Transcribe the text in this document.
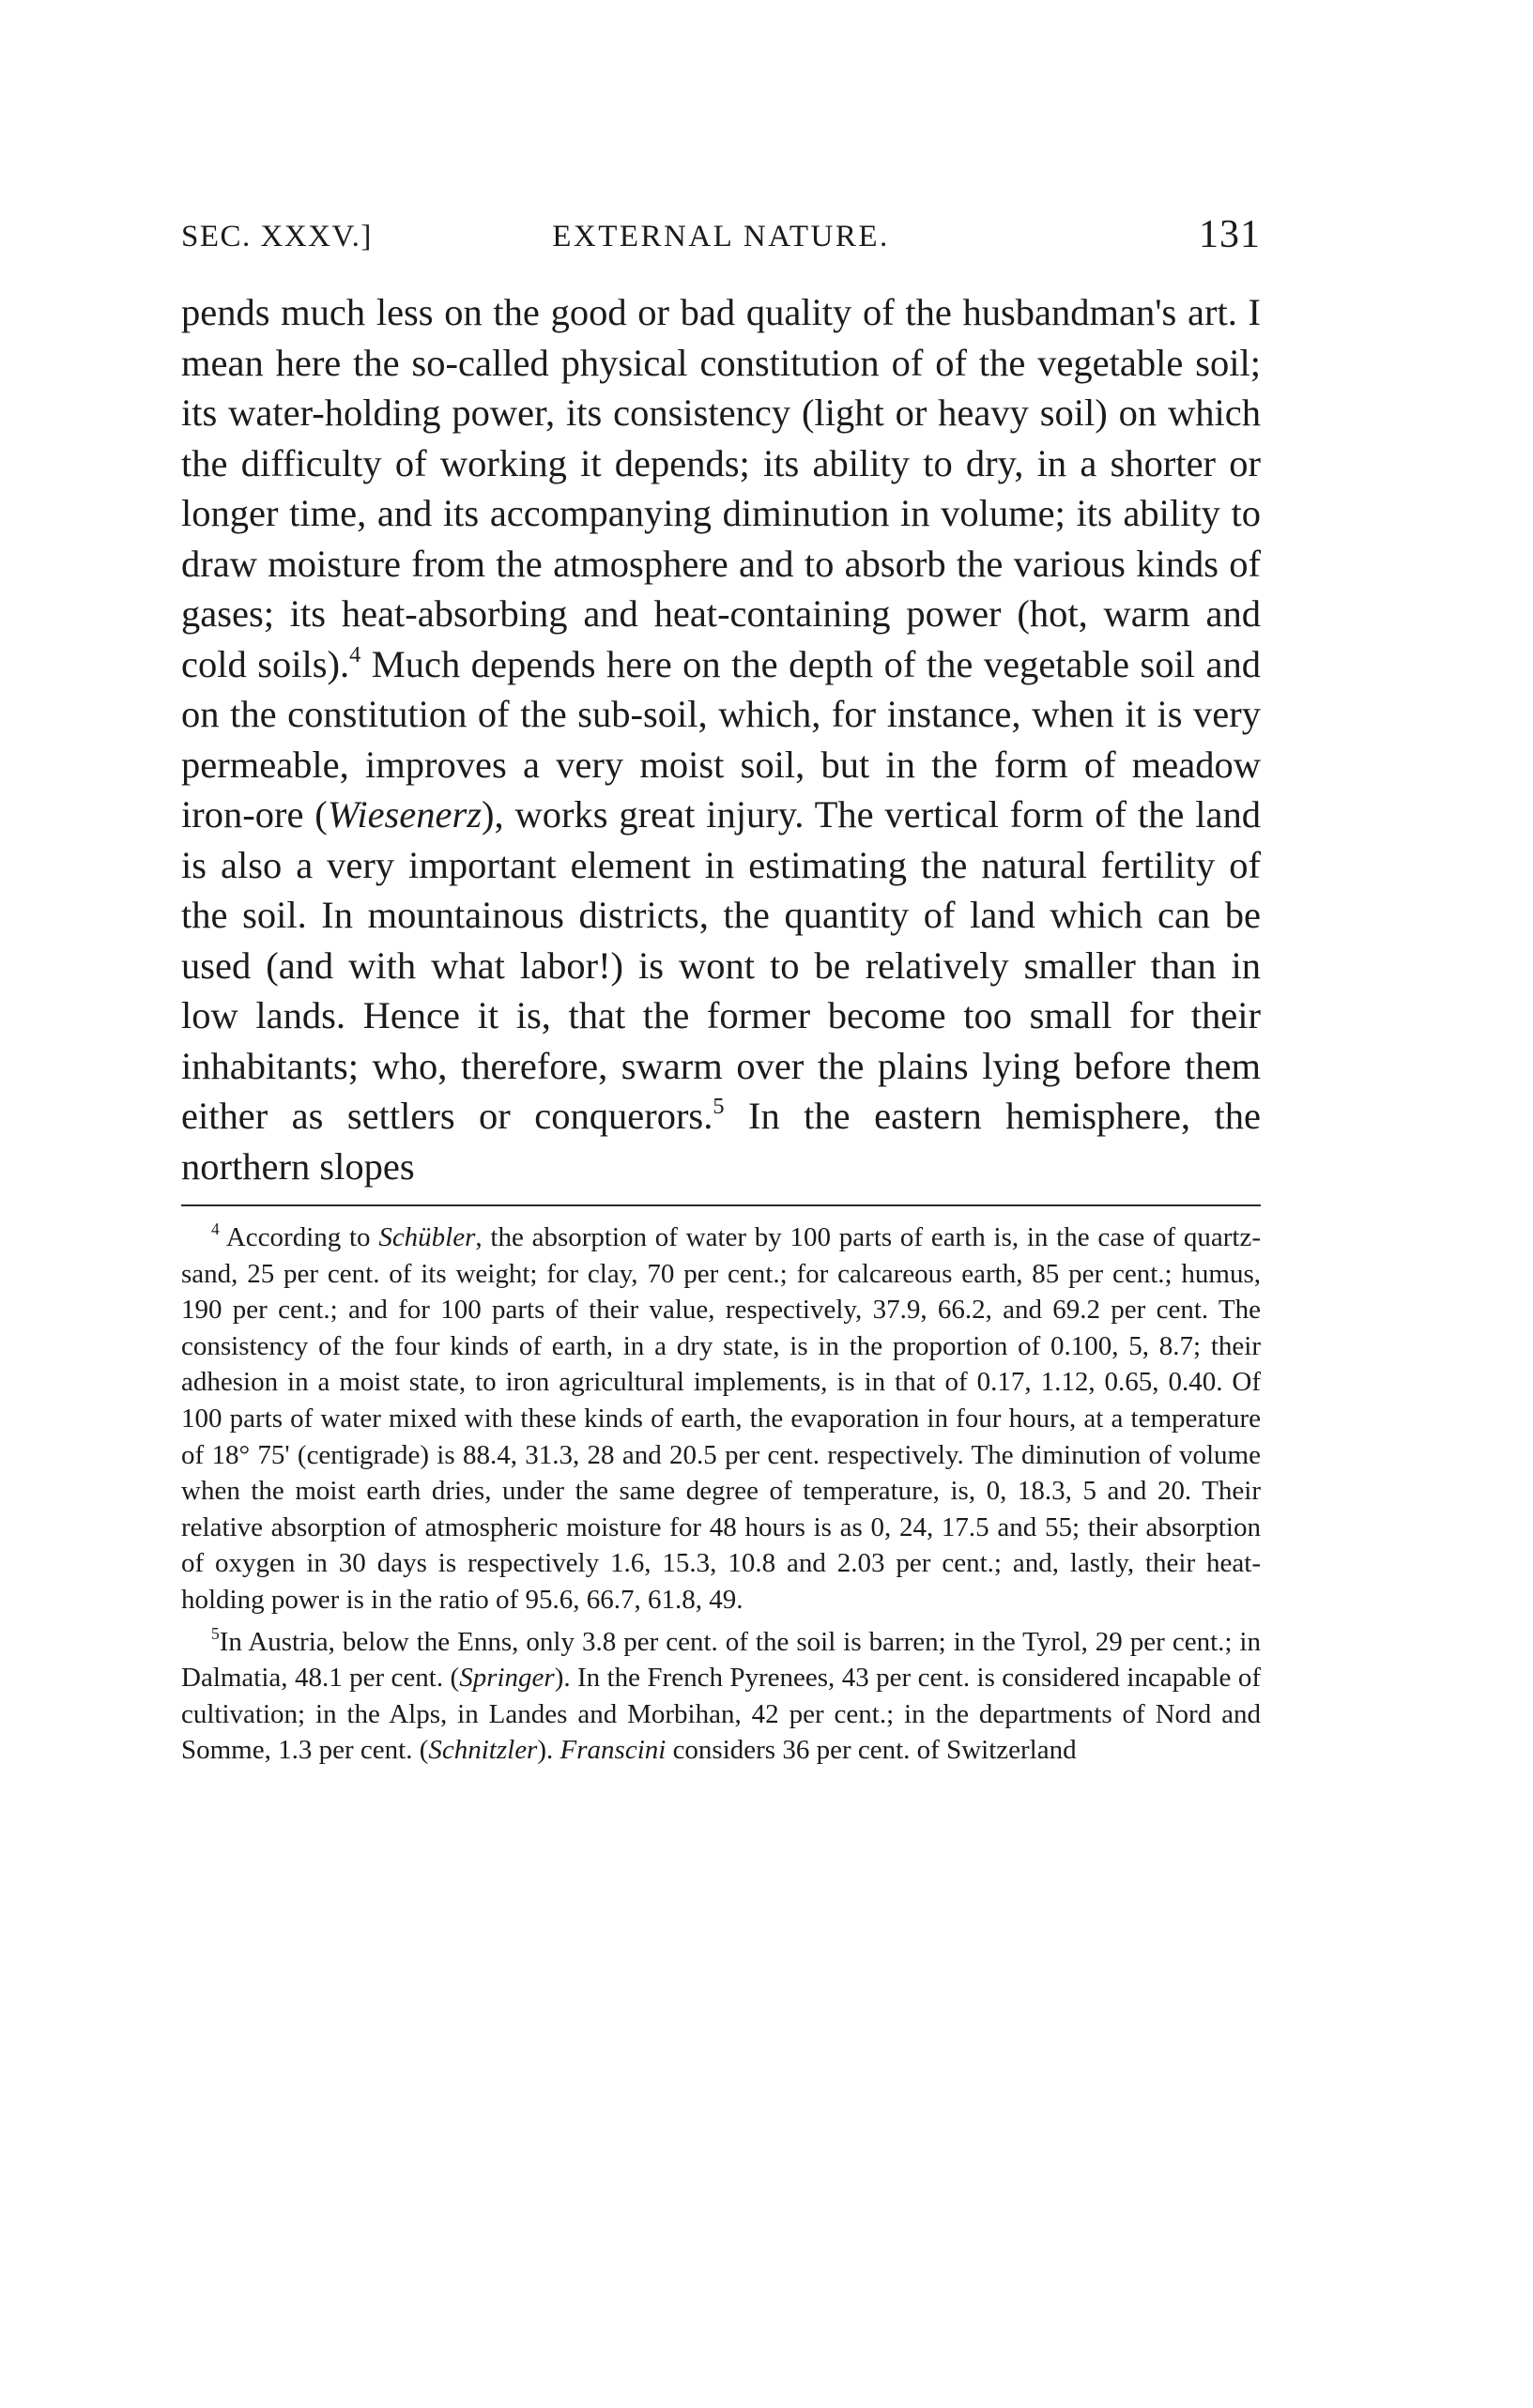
SEC. XXXV.]	EXTERNAL NATURE.	131

pends much less on the good or bad quality of the husbandman's art. I mean here the so-called physical constitution of of the vegetable soil; its water-holding power, its consistency (light or heavy soil) on which the difficulty of working it depends; its ability to dry, in a shorter or longer time, and its accompanying diminution in volume; its ability to draw moisture from the atmosphere and to absorb the various kinds of gases; its heat-absorbing and heat-containing power (hot, warm and cold soils).$^4$ Much depends here on the depth of the vegetable soil and on the constitution of the sub-soil, which, for instance, when it is very permeable, improves a very moist soil, but in the form of meadow iron-ore (Wiesenerz), works great injury. The vertical form of the land is also a very important element in estimating the natural fertility of the soil. In mountainous districts, the quantity of land which can be used (and with what labor!) is wont to be relatively smaller than in low lands. Hence it is, that the former become too small for their inhabitants; who, therefore, swarm over the plains lying before them either as settlers or conquerors.$^5$ In the eastern hemisphere, the northern slopes

$^4$ According to Schübler, the absorption of water by 100 parts of earth is, in the case of quartz-sand, 25 per cent. of its weight; for clay, 70 per cent.; for calcareous earth, 85 per cent.; humus, 190 per cent.; and for 100 parts of their value, respectively, 37.9, 66.2, and 69.2 per cent. The consistency of the four kinds of earth, in a dry state, is in the proportion of 0.100, 5, 8.7; their adhesion in a moist state, to iron agricultural implements, is in that of 0.17, 1.12, 0.65, 0.40. Of 100 parts of water mixed with these kinds of earth, the evaporation in four hours, at a temperature of 18° 75' (centigrade) is 88.4, 31.3, 28 and 20.5 per cent. respectively. The diminution of volume when the moist earth dries, under the same degree of temperature, is, 0, 18.3, 5 and 20. Their relative absorption of atmospheric moisture for 48 hours is as 0, 24, 17.5 and 55; their absorption of oxygen in 30 days is respectively 1.6, 15.3, 10.8 and 2.03 per cent.; and, lastly, their heat-holding power is in the ratio of 95.6, 66.7, 61.8, 49.

$^5$In Austria, below the Enns, only 3.8 per cent. of the soil is barren; in the Tyrol, 29 per cent.; in Dalmatia, 48.1 per cent. (Springer). In the French Pyrenees, 43 per cent. is considered incapable of cultivation; in the Alps, in Landes and Morbihan, 42 per cent.; in the departments of Nord and Somme, 1.3 per cent. (Schnitzler). Franscini considers 36 per cent. of Switzerland
